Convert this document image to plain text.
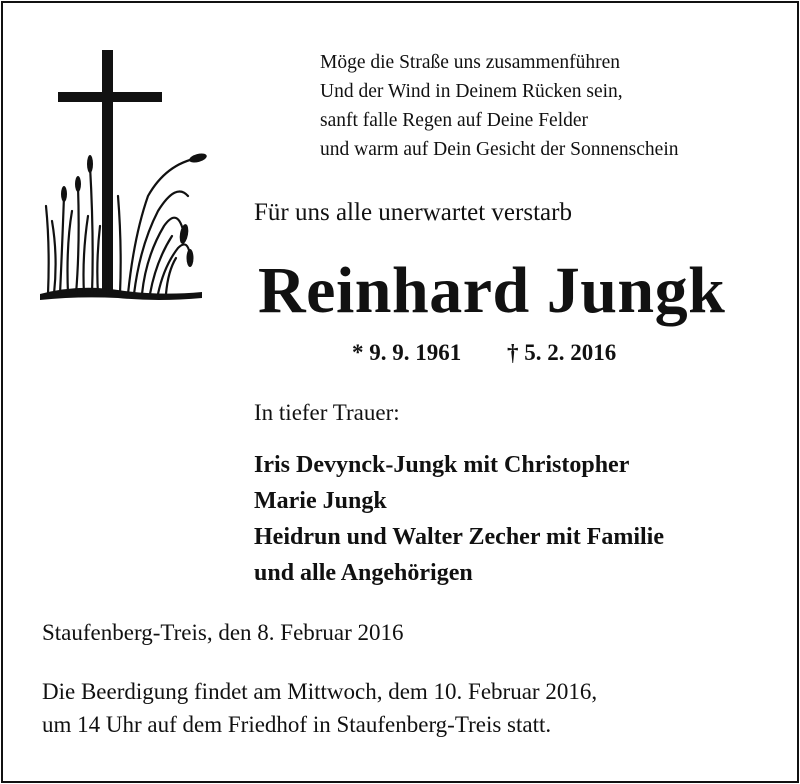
Möge die Straße uns zusammenführen
Und der Wind in Deinem Rücken sein,
sanft falle Regen auf Deine Felder
und warm auf Dein Gesicht der Sonnenschein
Für uns alle unerwartet verstarb
Reinhard Jungk
* 9. 9. 1961 † 5. 2. 2016
In tiefer Trauer:
Iris Devynck-Jungk mit Christopher
Marie Jungk
Heidrun und Walter Zecher mit Familie
und alle Angehörigen
Staufenberg-Treis, den 8. Februar 2016
Die Beerdigung findet am Mittwoch, dem 10. Februar 2016,
um 14 Uhr auf dem Friedhof in Staufenberg-Treis statt.
